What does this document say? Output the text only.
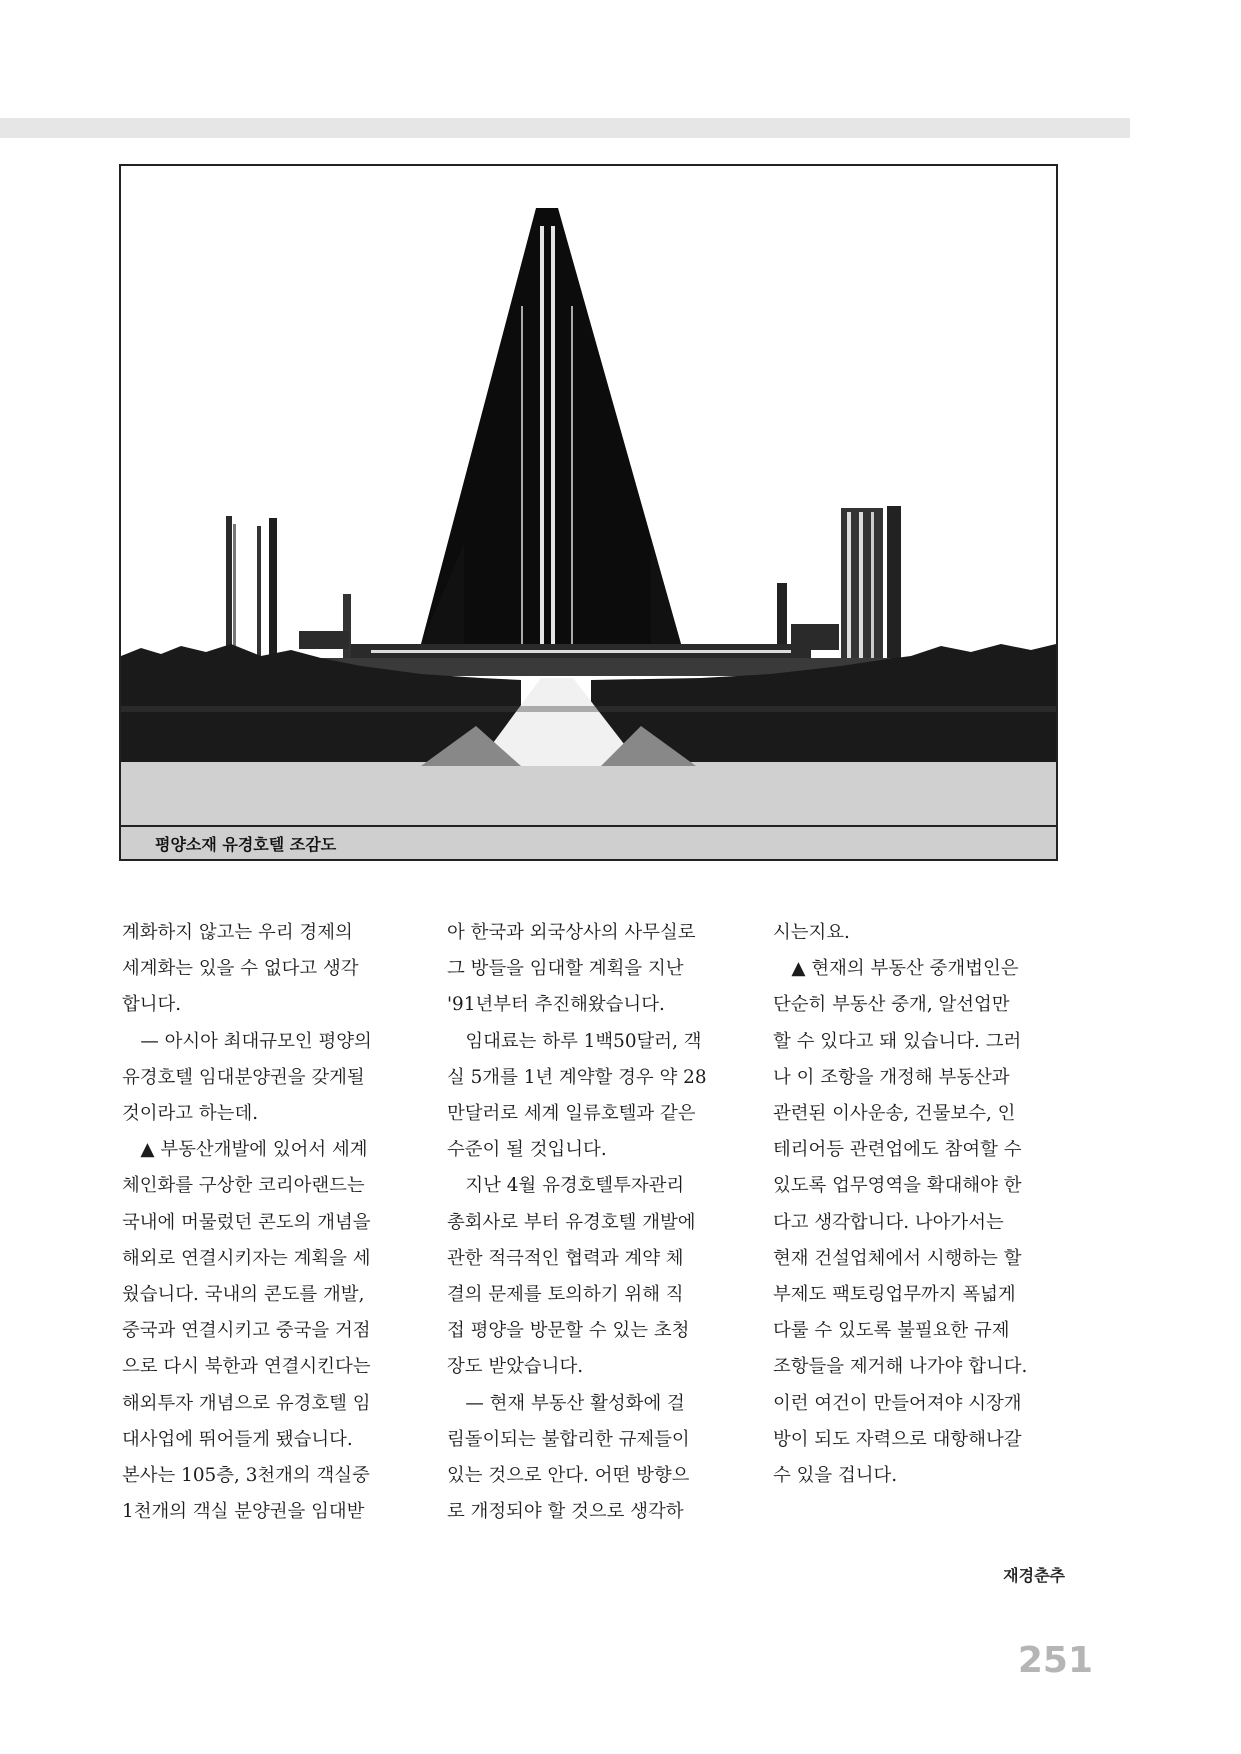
평양소재 유경호텔 조감도

계화하지 않고는 우리 경제의

세계화는 있을 수 없다고 생각

합니다.

— 아시아 최대규모인 평양의

유경호텔 임대분양권을 갖게될

것이라고 하는데.

▲ 부동산개발에 있어서 세계

체인화를 구상한 코리아랜드는

국내에 머물렀던 콘도의 개념을

해외로 연결시키자는 계획을 세

웠습니다. 국내의 콘도를 개발,

중국과 연결시키고 중국을 거점

으로 다시 북한과 연결시킨다는

해외투자 개념으로 유경호텔 임

대사업에 뛰어들게 됐습니다.

본사는 105층, 3천개의 객실중

1천개의 객실 분양권을 임대받

아 한국과 외국상사의 사무실로

그 방들을 임대할 계획을 지난

'91년부터 추진해왔습니다.

임대료는 하루 1백50달러, 객

실 5개를 1년 계약할 경우 약 28

만달러로 세계 일류호텔과 같은

수준이 될 것입니다.

지난 4월 유경호텔투자관리

총회사로 부터 유경호텔 개발에

관한 적극적인 협력과 계약 체

결의 문제를 토의하기 위해 직

접 평양을 방문할 수 있는 초청

장도 받았습니다.

— 현재 부동산 활성화에 걸

림돌이되는 불합리한 규제들이

있는 것으로 안다. 어떤 방향으

로 개정되야 할 것으로 생각하

시는지요.

▲ 현재의 부동산 중개법인은

단순히 부동산 중개, 알선업만

할 수 있다고 돼 있습니다. 그러

나 이 조항을 개정해 부동산과

관련된 이사운송, 건물보수, 인

테리어등 관련업에도 참여할 수

있도록 업무영역을 확대해야 한

다고 생각합니다. 나아가서는

현재 건설업체에서 시행하는 할

부제도 팩토링업무까지 폭넓게

다룰 수 있도록 불필요한 규제

조항들을 제거해 나가야 합니다.

이런 여건이 만들어져야 시장개

방이 되도 자력으로 대항해나갈

수 있을 겁니다.

재경춘추
251
